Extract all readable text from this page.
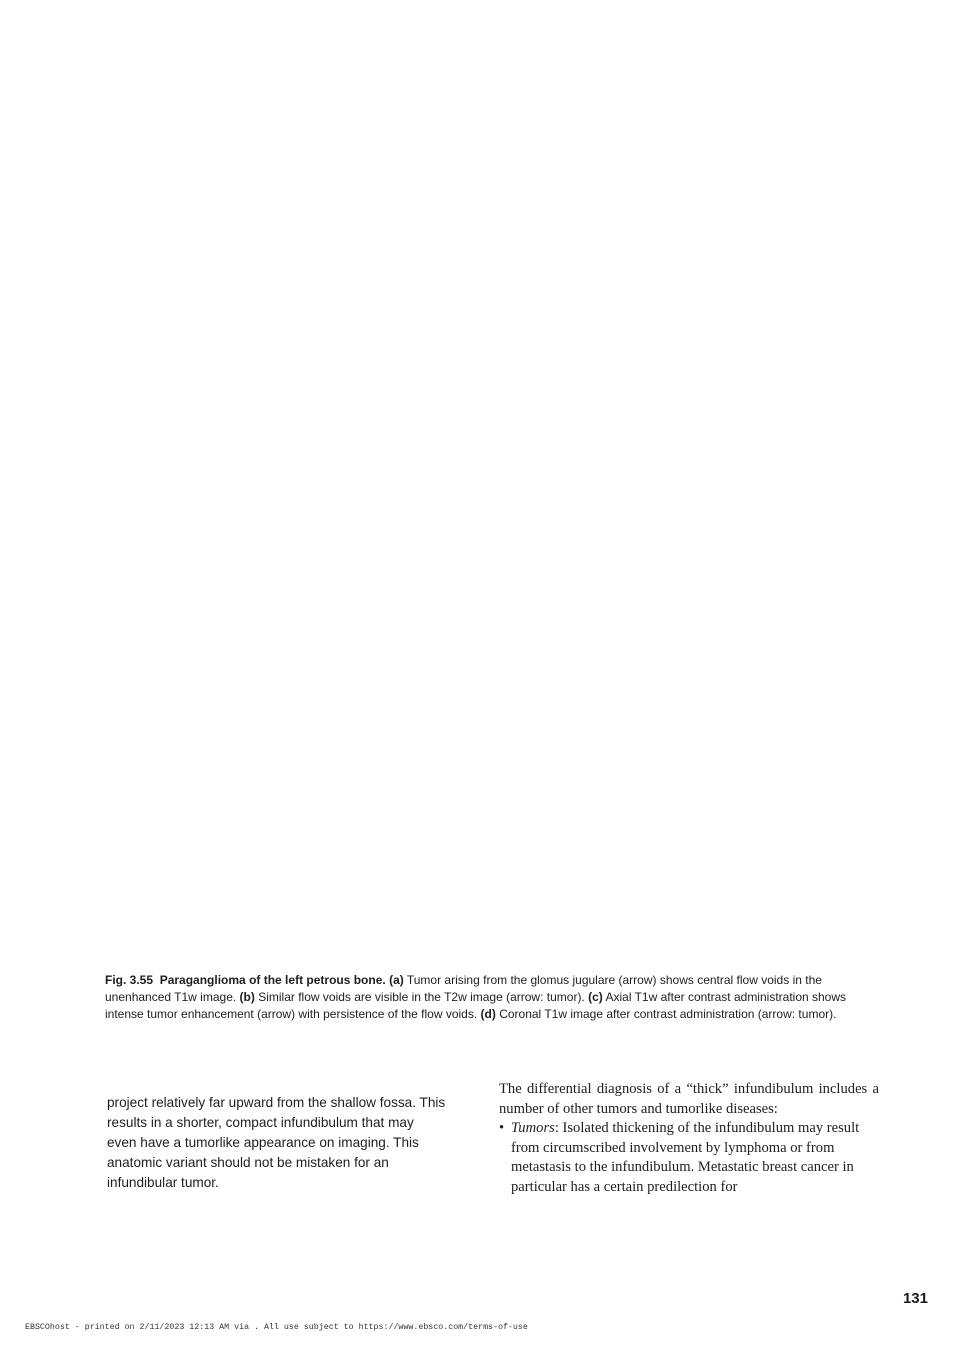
Fig. 3.55 Paraganglioma of the left petrous bone. (a) Tumor arising from the glomus jugulare (arrow) shows central flow voids in the unenhanced T1w image. (b) Similar flow voids are visible in the T2w image (arrow: tumor). (c) Axial T1w after contrast administration shows intense tumor enhancement (arrow) with persistence of the flow voids. (d) Coronal T1w image after contrast administration (arrow: tumor).
project relatively far upward from the shallow fossa. This results in a shorter, compact infundibulum that may even have a tumorlike appearance on imaging. This anatomic variant should not be mistaken for an infundibular tumor.

The differential diagnosis of a “thick” infundibulum includes a number of other tumors and tumorlike diseases:

• Tumors: Isolated thickening of the infundibulum may result from circumscribed involvement by lymphoma or from metastasis to the infundibulum. Metastatic breast cancer in particular has a certain predilection for
131
EBSCOhost - printed on 2/11/2023 12:13 AM via . All use subject to https://www.ebsco.com/terms-of-use
